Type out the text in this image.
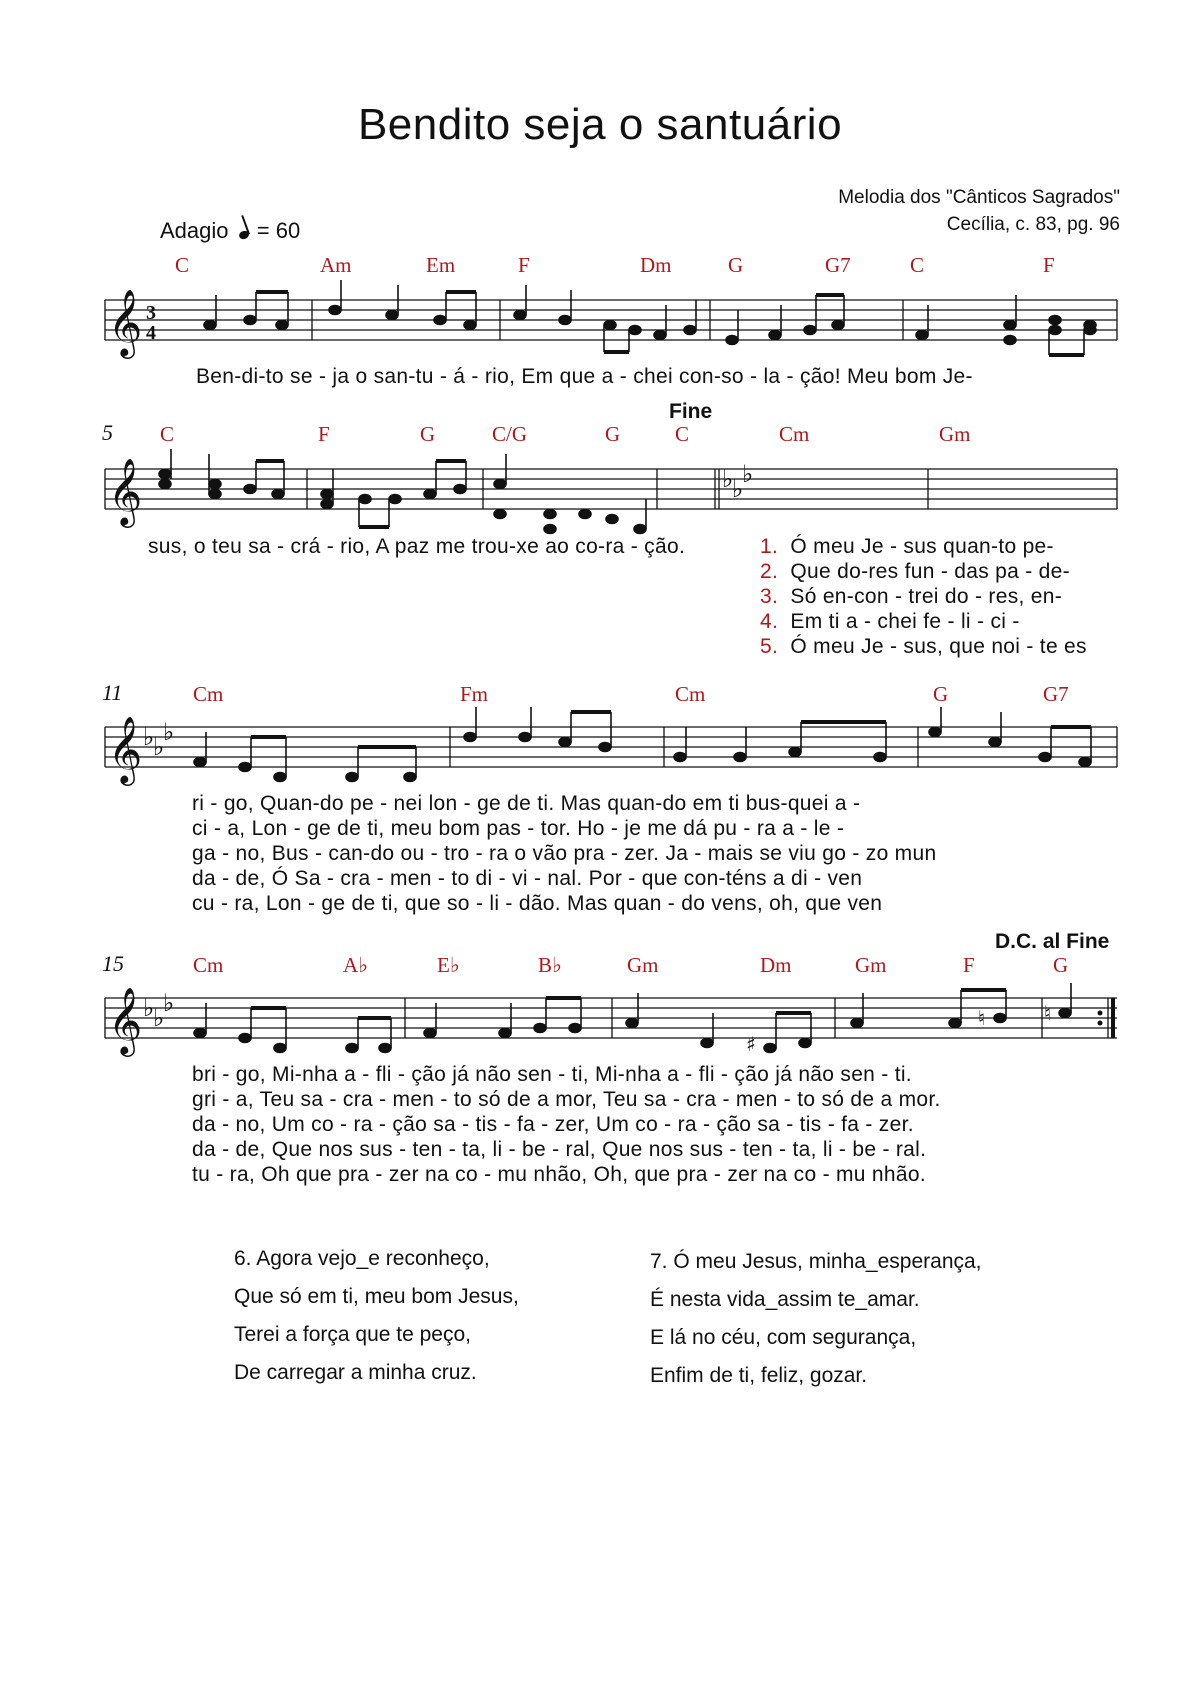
Bendito seja o santuário
Melodia dos "Cânticos Sagrados"
Cecília, c. 83, pg. 96
Adagio = 60
C	Am	Em	F	Dm	G	G7	C	F
𝄞 3
4
Ben-di-to se - ja o san-tu - á - rio, Em que a - chei con-so - la - ção! Meu bom Je-
Fine
5 C	F	G	C/G	G	C	Cm	Gm
𝄞	♭
♭
♭
sus, o teu sa - crá - rio, A paz me trou-xe ao co-ra - ção.	1. Ó meu Je - sus quan-to pe-
2. Que do-res fun - das pa - de-
3. Só en-con - trei do - res, en-
4. Em ti a - chei fe - li - ci -
5. Ó meu Je - sus, que noi - te es
11	Cm	Fm	Cm	G	G7
𝄞 ♭
♭
♭
ri - go, Quan-do pe - nei lon - ge de ti. Mas quan-do em ti bus-quei a -
ci - a, Lon - ge de ti, meu bom pas - tor. Ho - je me dá pu - ra a - le -
ga - no, Bus - can-do ou - tro - ra o vão pra - zer. Ja - mais se viu go - zo mun
da - de, Ó Sa - cra - men - to di - vi - nal. Por - que con-téns a di - ven
cu - ra, Lon - ge de ti, que so - li - dão. Mas quan - do vens, oh, que ven
D.C. al Fine
15	Cm	A♭	E♭	B♭	Gm	Dm	Gm	F	G
𝄞 ♭
♭
♭
♯
♮	♮
bri - go, Mi-nha a - fli - ção já não sen - ti, Mi-nha a - fli - ção já não sen - ti.
gri - a, Teu sa - cra - men - to só de a mor, Teu sa - cra - men - to só de a mor.
da - no, Um co - ra - ção sa - tis - fa - zer, Um co - ra - ção sa - tis - fa - zer.
da - de, Que nos sus - ten - ta, li - be - ral, Que nos sus - ten - ta, li - be - ral.
tu - ra, Oh que pra - zer na co - mu nhão, Oh, que pra - zer na co - mu nhão.
6. Agora vejo_e reconheço,
Que só em ti, meu bom Jesus,
Terei a força que te peço,
De carregar a minha cruz.
7. Ó meu Jesus, minha_esperança,
É nesta vida_assim te_amar.
E lá no céu, com segurança,
Enfim de ti, feliz, gozar.
